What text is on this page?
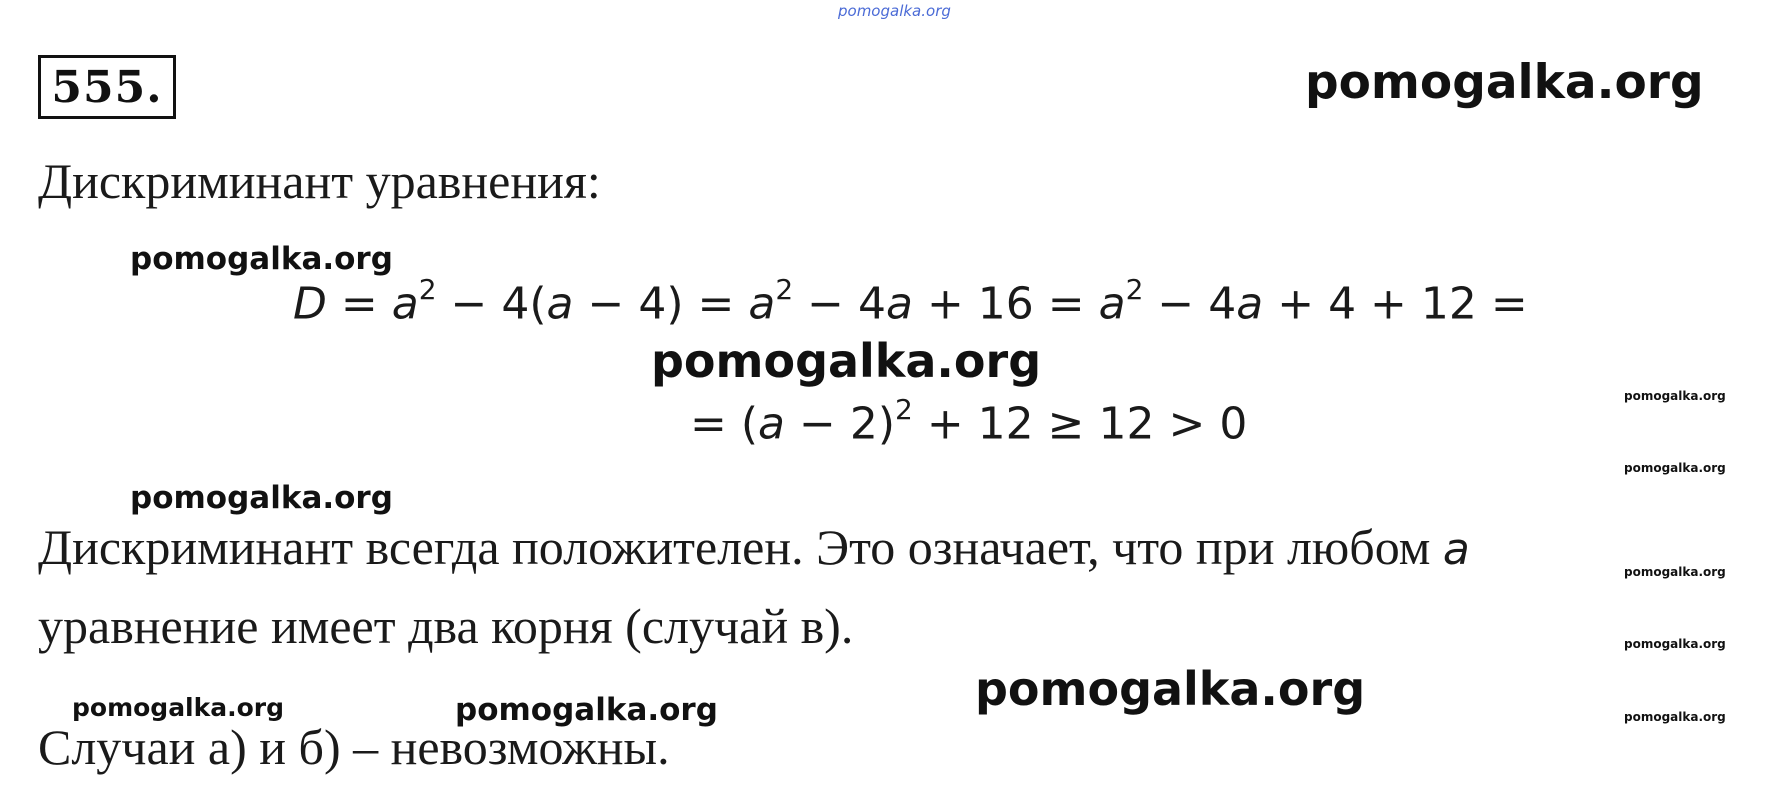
pomogalka.org
555.	pomogalka.org
Дискриминант уравнения:
pomogalka.org
$D = a^2 - 4(a - 4) = a^2 - 4a + 16 = a^2 - 4a + 4 + 12$ =
pomogalka.org
pomogalka.org
= $(a - 2)^2 + 12 \ge 12 > 0$
pomogalka.org
pomogalka.org
Дискриминант всегда положителен. Это означает, что при любом a	pomogalka.org
уравнение имеет два корня (случай в).	pomogalka.org
pomogalka.org	pomogalka.org	pomogalka.org
pomogalka.org
Случаи а) и б) – невозможны.
